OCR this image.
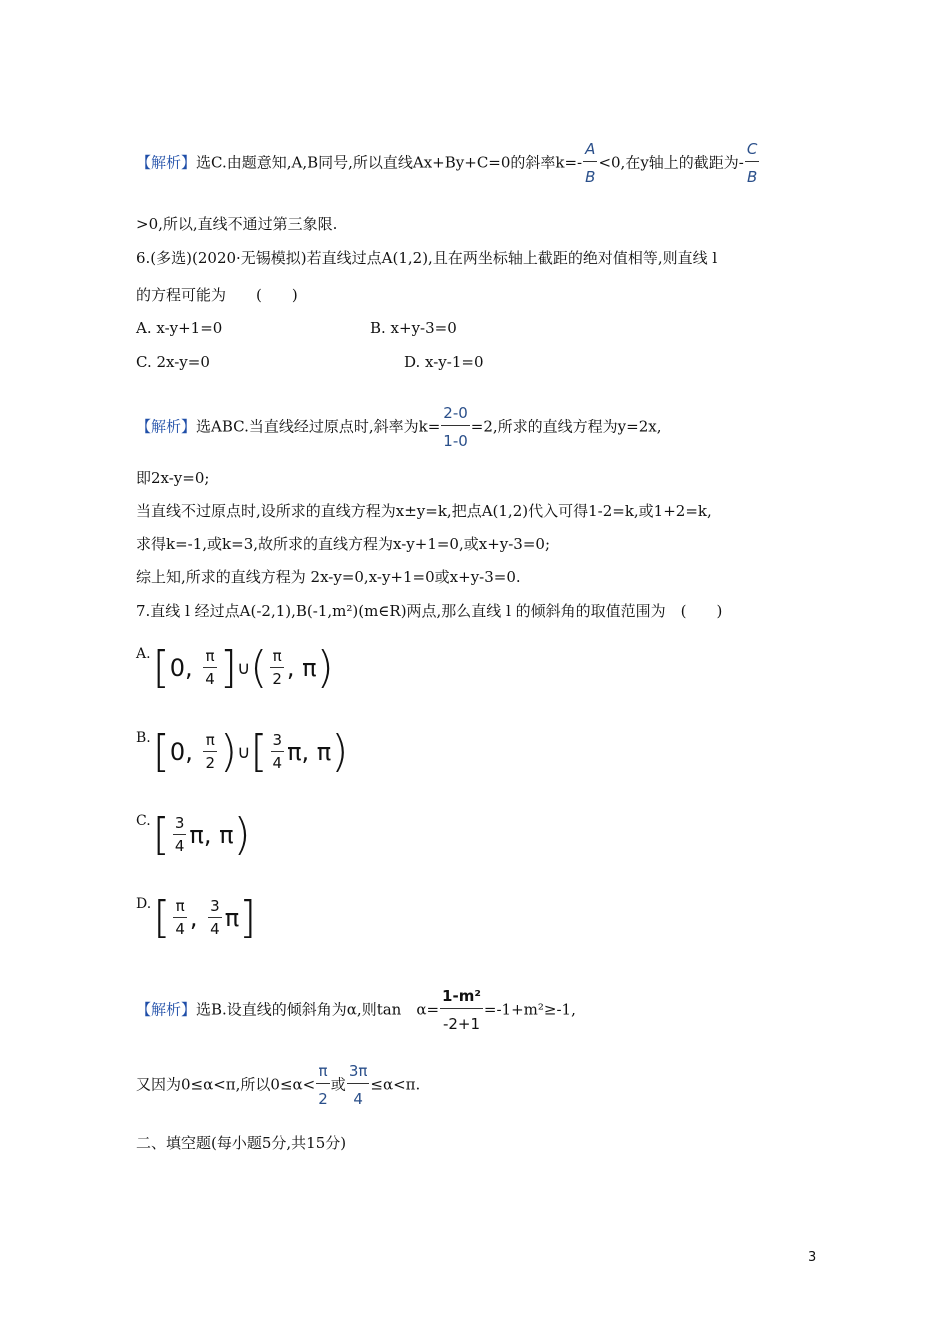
【解析】选C.由题意知,A,B同号,所以直线Ax+By+C=0的斜率$k=- \frac{A}{B} <0$,在y轴上的截距为- $\frac{C}{B}$
>0,所以,直线不通过第三象限.
6.(多选)(2020·无锡模拟)若直线过点A(1,2),且在两坐标轴上截距的绝对值相等,则直线 l
的方程可能为　　(　　)
A. x-y+1=0	B. x+y-3=0
C. 2x-y=0	D. x-y-1=0
【解析】选ABC.当直线经过原点时,斜率为$k= \frac{2-0}{1-0} =2$,所求的直线方程为y=2x,
即2x-y=0;
当直线不过原点时,设所求的直线方程为x±y=k,把点A(1,2)代入可得1-2=k,或1+2=k,
求得k=-1,或k=3,故所求的直线方程为x-y+1=0,或x+y-3=0;
综上知,所求的直线方程为 2x-y=0,x-y+1=0或x+y-3=0.
7.直线 l 经过点A(-2,1),B(-1,m²)(m∈R)两点,那么直线 l 的倾斜角的取值范围为　(　　)
A. [ 0, π
4 ] ∪ ( π
2 , π )
B. [ 0, π
2 ) ∪ [ 3
4 π, π )
C. [ 3
4 π, π )
D. [ π
4 , 3
4 π ]
【解析】选B.设直线的倾斜角为α,则tan　$\alpha= \frac{\text{1-m²}}{-2+1} =-1+m^2\ge-1$,
又因为0≤α<π,所以$0\le\alpha< \frac{\pi}{2}$ 或 $\frac{3\pi}{4} \le\alpha<\pi$.
二、填空题(每小题5分,共15分)
3
